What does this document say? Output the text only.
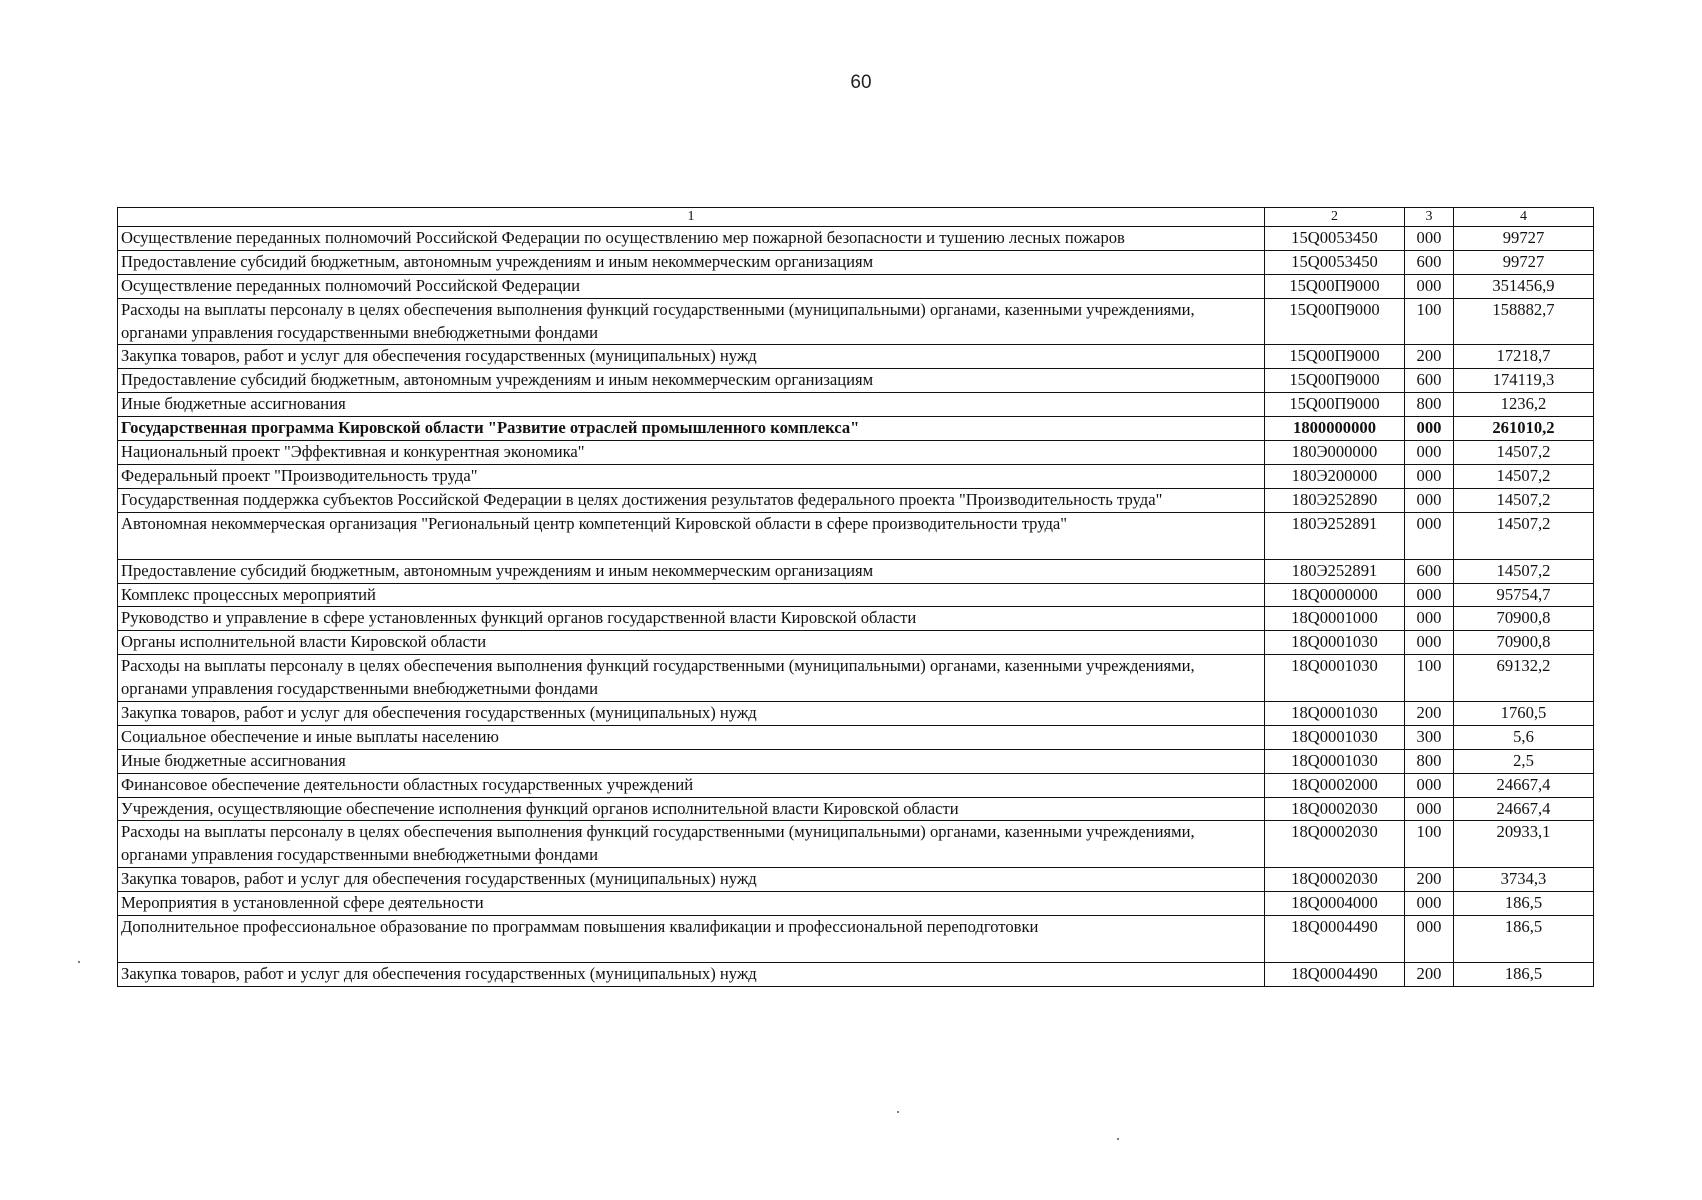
60
1	2	3	4
Осуществление переданных полномочий Российской Федерации по осуществлению мер пожарной безопасности и тушению лесных пожаров	15Q0053450	000	99727
Предоставление субсидий бюджетным, автономным учреждениям и иным некоммерческим организациям	15Q0053450	600	99727
Осуществление переданных полномочий Российской Федерации	15Q00П9000	000	351456,9
Расходы на выплаты персоналу в целях обеспечения выполнения функций государственными (муниципальными) органами, казенными учреждениями, органами управления государственными внебюджетными фондами	15Q00П9000	100	158882,7
Закупка товаров, работ и услуг для обеспечения государственных (муниципальных) нужд	15Q00П9000	200	17218,7
Предоставление субсидий бюджетным, автономным учреждениям и иным некоммерческим организациям	15Q00П9000	600	174119,3
Иные бюджетные ассигнования	15Q00П9000	800	1236,2
Государственная программа Кировской области "Развитие отраслей промышленного комплекса"	1800000000	000	261010,2
Национальный проект "Эффективная и конкурентная экономика"	180Э000000	000	14507,2
Федеральный проект "Производительность труда"	180Э200000	000	14507,2
Государственная поддержка субъектов Российской Федерации в целях достижения результатов федерального проекта "Производительность труда"	180Э252890	000	14507,2
Автономная некоммерческая организация "Региональный центр компетенций Кировской области в сфере производительности труда"	180Э252891	000	14507,2
Предоставление субсидий бюджетным, автономным учреждениям и иным некоммерческим организациям	180Э252891	600	14507,2
Комплекс процессных мероприятий	18Q0000000	000	95754,7
Руководство и управление в сфере установленных функций органов государственной власти Кировской области	18Q0001000	000	70900,8
Органы исполнительной власти Кировской области	18Q0001030	000	70900,8
Расходы на выплаты персоналу в целях обеспечения выполнения функций государственными (муниципальными) органами, казенными учреждениями, органами управления государственными внебюджетными фондами	18Q0001030	100	69132,2
Закупка товаров, работ и услуг для обеспечения государственных (муниципальных) нужд	18Q0001030	200	1760,5
Социальное обеспечение и иные выплаты населению	18Q0001030	300	5,6
Иные бюджетные ассигнования	18Q0001030	800	2,5
Финансовое обеспечение деятельности областных государственных учреждений	18Q0002000	000	24667,4
Учреждения, осуществляющие обеспечение исполнения функций органов исполнительной власти Кировской области	18Q0002030	000	24667,4
Расходы на выплаты персоналу в целях обеспечения выполнения функций государственными (муниципальными) органами, казенными учреждениями, органами управления государственными внебюджетными фондами	18Q0002030	100	20933,1
Закупка товаров, работ и услуг для обеспечения государственных (муниципальных) нужд	18Q0002030	200	3734,3
Мероприятия в установленной сфере деятельности	18Q0004000	000	186,5
Дополнительное профессиональное образование по программам повышения квалификации и профессиональной переподготовки	18Q0004490	000	186,5
Закупка товаров, работ и услуг для обеспечения государственных (муниципальных) нужд	18Q0004490	200	186,5
